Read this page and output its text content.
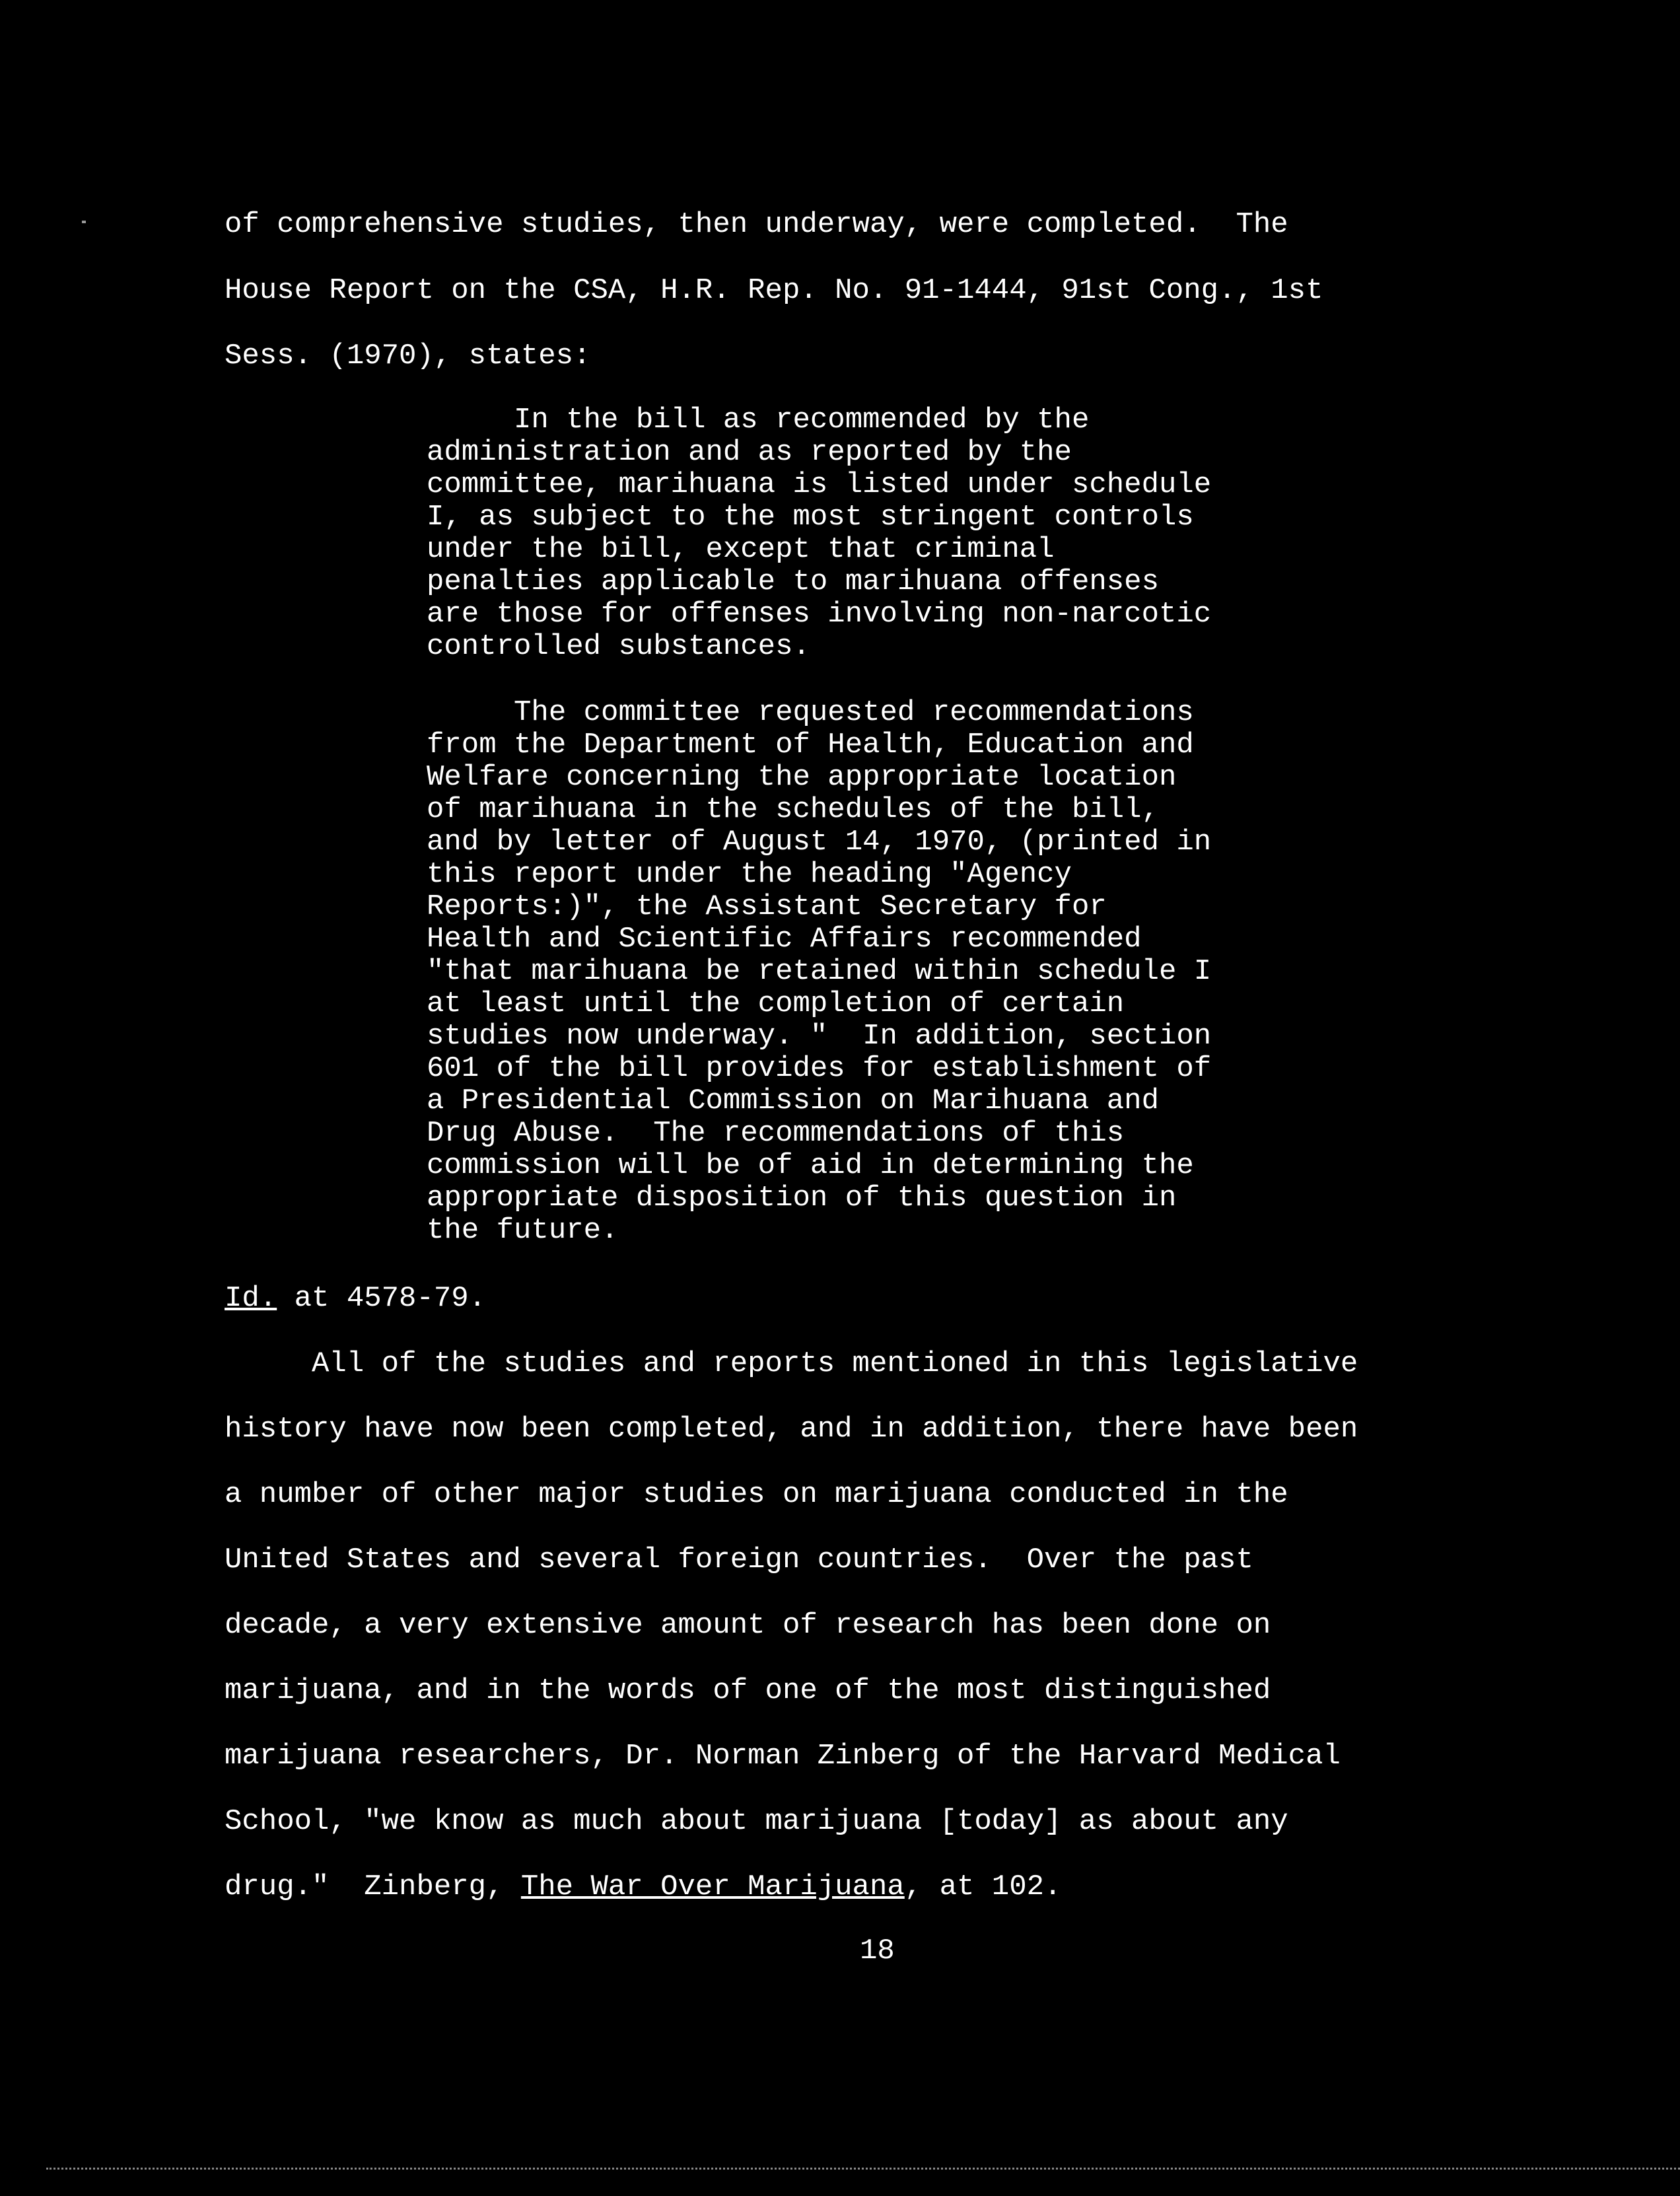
of comprehensive studies, then underway, were completed.  The
House Report on the CSA, H.R. Rep. No. 91-1444, 91st Cong., 1st
Sess. (1970), states:
In the bill as recommended by the
administration and as reported by the
committee, marihuana is listed under schedule
I, as subject to the most stringent controls
under the bill, except that criminal
penalties applicable to marihuana offenses
are those for offenses involving non-narcotic
controlled substances.
The committee requested recommendations
from the Department of Health, Education and
Welfare concerning the appropriate location
of marihuana in the schedules of the bill,
and by letter of August 14, 1970, (printed in
this report under the heading "Agency
Reports:)", the Assistant Secretary for
Health and Scientific Affairs recommended
"that marihuana be retained within schedule I
at least until the completion of certain
studies now underway. "  In addition, section
601 of the bill provides for establishment of
a Presidential Commission on Marihuana and
Drug Abuse.  The recommendations of this
commission will be of aid in determining the
appropriate disposition of this question in
the future.
Id. at 4578-79.
All of the studies and reports mentioned in this legislative
history have now been completed, and in addition, there have been
a number of other major studies on marijuana conducted in the
United States and several foreign countries.  Over the past
decade, a very extensive amount of research has been done on
marijuana, and in the words of one of the most distinguished
marijuana researchers, Dr. Norman Zinberg of the Harvard Medical
School, "we know as much about marijuana [today] as about any
drug."  Zinberg, The War Over Marijuana, at 102.
18
